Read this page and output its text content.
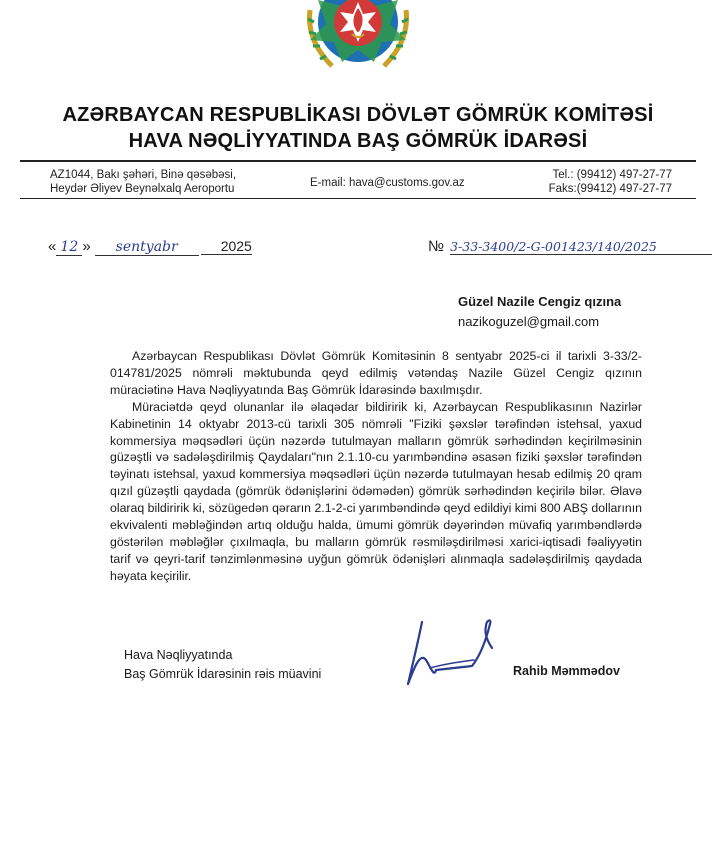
AZƏRBAYCAN RESPUBLİKASI DÖVLƏT GÖMRÜK KOMİTƏSİ
HAVA NƏQLİYYATINDA BAŞ GÖMRÜK İDARƏSİ
AZ1044, Bakı şəhəri, Binə qəsəbəsi,
Heydər Əliyev Beynəlxalq Aeroportu	E-mail: hava@customs.gov.az
Tel.: (99412) 497-27-77
Faks:(99412) 497-27-77
« 12 » sentyabr	2025	№ 3-33-3400/2-G-001423/140/2025
Güzel Nazile Cengiz qızına
nazikoguzel@gmail.com

Azərbaycan Respublikası Dövlət Gömrük Komitəsinin 8 sentyabr 2025-ci il tarixli 3-33/2-014781/2025 nömrəli məktubunda qeyd edilmiş vətəndaş Nazile Güzel Cengiz qızının müraciətinə Hava Nəqliyyatında Baş Gömrük İdarəsində baxılmışdır.

Müraciətdə qeyd olunanlar ilə əlaqədar bildiririk ki, Azərbaycan Respublikasının Nazirlər Kabinetinin 14 oktyabr 2013-cü tarixli 305 nömrəli "Fiziki şəxslər tərəfindən istehsal, yaxud kommersiya məqsədləri üçün nəzərdə tutulmayan malların gömrük sərhədindən keçirilməsinin güzəştli və sadələşdirilmiş Qaydaları"nın 2.1.10-cu yarımbəndinə əsasən fiziki şəxslər tərəfindən təyinatı istehsal, yaxud kommersiya məqsədləri üçün nəzərdə tutulmayan hesab edilmiş 20 qram qızıl güzəştli qaydada (gömrük ödənişlərini ödəmədən) gömrük sərhədindən keçirilə bilər. Əlavə olaraq bildiririk ki, sözügedən qərarın 2.1-2-ci yarımbəndində qeyd edildiyi kimi 800 ABŞ dollarının ekvivalenti məbləğindən artıq olduğu halda, ümumi gömrük dəyərindən müvafiq yarımbəndlərdə göstərilən məbləğlər çıxılmaqla, bu malların gömrük rəsmiləşdirilməsi xarici-iqtisadi fəaliyyətin tarif və qeyri-tarif tənzimlənməsinə uyğun gömrük ödənişləri alınmaqla sadələşdirilmiş qaydada həyata keçirilir.

Hava Nəqliyyatında
Baş Gömrük İdarəsinin rəis müavini	Rahib Məmmədov
